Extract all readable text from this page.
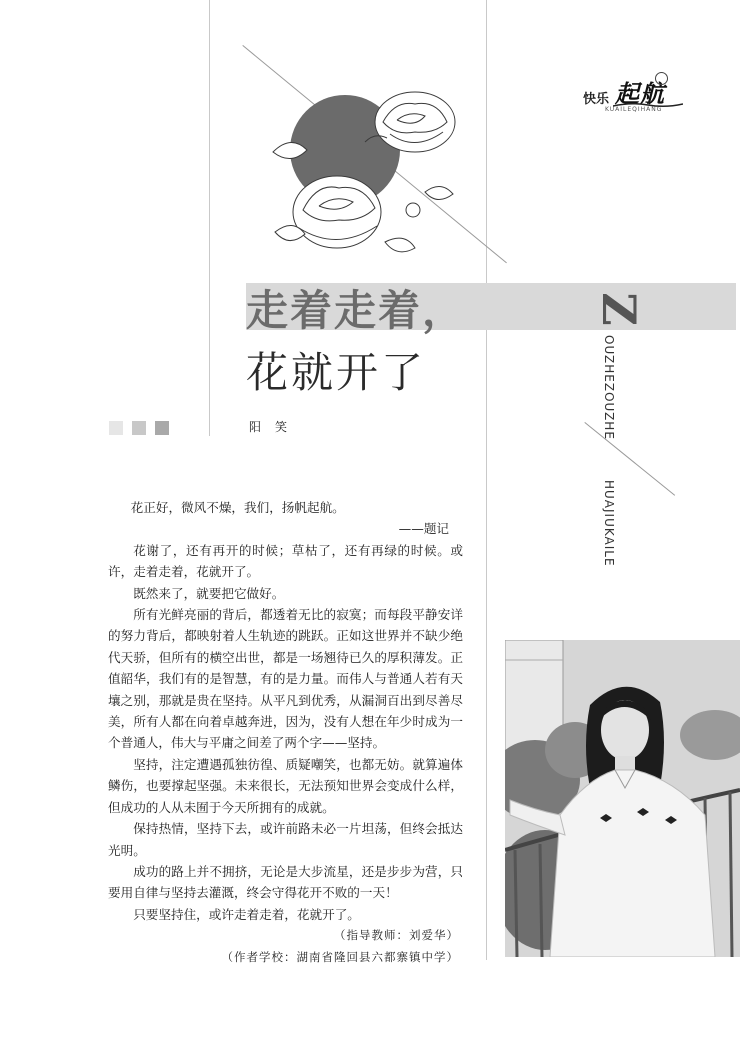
快乐 起航
KUAILEQIHANG
走着走着，
花就开了
Z
OUZHEZOUZHE
HUAJIUKAILE
阳笑

花正好，微风不燥，我们，扬帆起航。

——题记

花谢了，还有再开的时候；草枯了，还有再绿的时候。或许，走着走着，花就开了。

既然来了，就要把它做好。

所有光鲜亮丽的背后，都透着无比的寂寞；而每段平静安详的努力背后，都映射着人生轨迹的跳跃。正如这世界并不缺少绝代天骄，但所有的横空出世，都是一场翘待已久的厚积薄发。正值韶华，我们有的是智慧，有的是力量。而伟人与普通人若有天壤之别，那就是贵在坚持。从平凡到优秀，从漏洞百出到尽善尽美，所有人都在向着卓越奔进，因为，没有人想在年少时成为一个普通人，伟大与平庸之间差了两个字——坚持。

坚持，注定遭遇孤独彷徨、质疑嘲笑，也都无妨。就算遍体鳞伤，也要撑起坚强。未来很长，无法预知世界会变成什么样，但成功的人从未囿于今天所拥有的成就。

保持热情，坚持下去，或许前路未必一片坦荡，但终会抵达光明。

成功的路上并不拥挤，无论是大步流星，还是步步为营，只要用自律与坚持去灌溉，终会守得花开不败的一天！

只要坚持住，或许走着走着，花就开了。

（指导教师：刘爱华）

（作者学校：湖南省隆回县六都寨镇中学）
